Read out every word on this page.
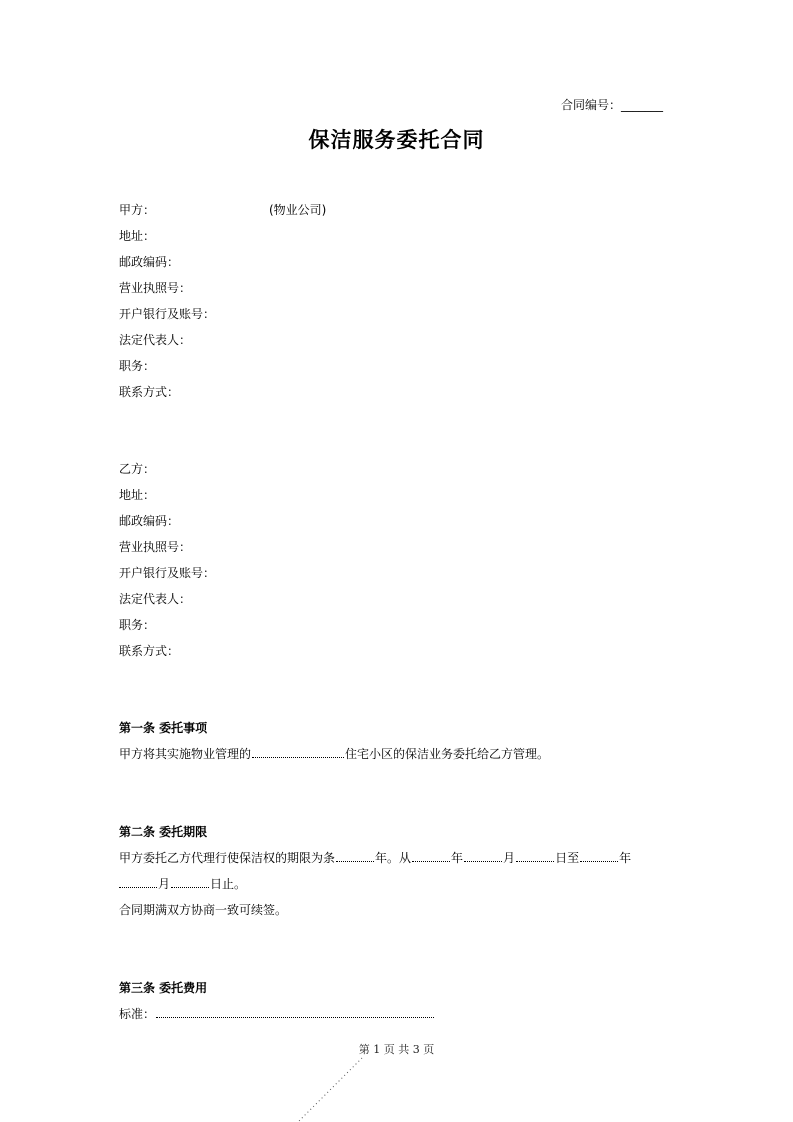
合同编号：_______
保洁服务委托合同
甲方：	(物业公司)
地址：
邮政编码：
营业执照号：
开户银行及账号：
法定代表人：
职务：
联系方式：
乙方：
地址：
邮政编码：
营业执照号：
开户银行及账号：
法定代表人：
职务：
联系方式：
第一条 委托事项
甲方将其实施物业管理的	住宅小区的保洁业务委托给乙方管理。
第二条 委托期限
甲方委托乙方代理行使保洁权的期限为条	年。从	年	月	日至	年
月	日止。
合同期满双方协商一致可续签。
第三条 委托费用
标准：
第 1 页 共 3 页
